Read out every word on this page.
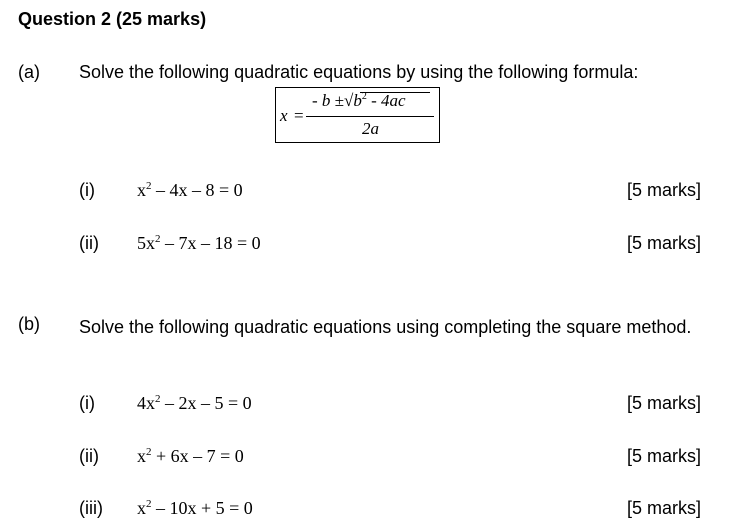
Question 2 (25 marks)
(a) Solve the following quadratic equations by using the following formula:
x =
- $b \pm√b^2 - 4ac$
2a
(i) $x^2 - 4x - 8 = 0$	[5 marks]
(ii) $5x^2 - 7x - 18 = 0$	[5 marks]
(b) Solve the following quadratic equations using completing the square method.
(i) $4x^2 - 2x - 5 = 0$	[5 marks]
(ii) $x^2 + 6x - 7 = 0$	[5 marks]
(iii) $x^2 - 10x + 5 = 0$	[5 marks]
